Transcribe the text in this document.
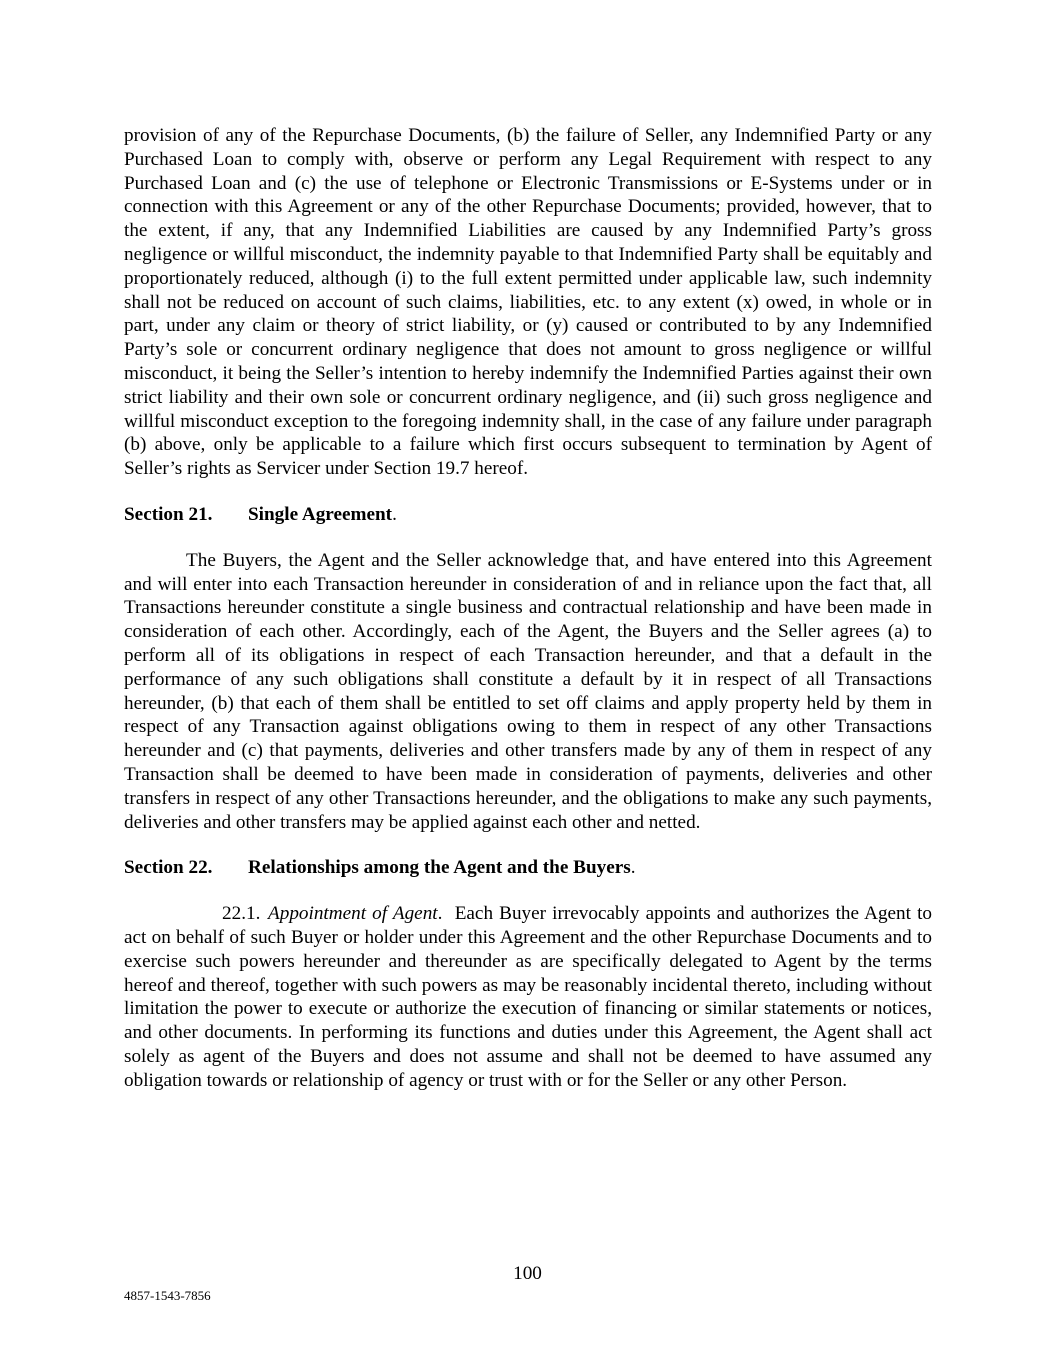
provision of any of the Repurchase Documents, (b) the failure of Seller, any Indemnified Party or any Purchased Loan to comply with, observe or perform any Legal Requirement with respect to any Purchased Loan and (c) the use of telephone or Electronic Transmissions or E-Systems under or in connection with this Agreement or any of the other Repurchase Documents; provided, however, that to the extent, if any, that any Indemnified Liabilities are caused by any Indemnified Party’s gross negligence or willful misconduct, the indemnity payable to that Indemnified Party shall be equitably and proportionately reduced, although (i) to the full extent permitted under applicable law, such indemnity shall not be reduced on account of such claims, liabilities, etc. to any extent (x) owed, in whole or in part, under any claim or theory of strict liability, or (y) caused or contributed to by any Indemnified Party’s sole or concurrent ordinary negligence that does not amount to gross negligence or willful misconduct, it being the Seller’s intention to hereby indemnify the Indemnified Parties against their own strict liability and their own sole or concurrent ordinary negligence, and (ii) such gross negligence and willful misconduct exception to the foregoing indemnity shall, in the case of any failure under paragraph (b) above, only be applicable to a failure which first occurs subsequent to termination by Agent of Seller’s rights as Servicer under Section 19.7 hereof.

Section 21. Single Agreement.

The Buyers, the Agent and the Seller acknowledge that, and have entered into this Agreement and will enter into each Transaction hereunder in consideration of and in reliance upon the fact that, all Transactions hereunder constitute a single business and contractual relationship and have been made in consideration of each other. Accordingly, each of the Agent, the Buyers and the Seller agrees (a) to perform all of its obligations in respect of each Transaction hereunder, and that a default in the performance of any such obligations shall constitute a default by it in respect of all Transactions hereunder, (b) that each of them shall be entitled to set off claims and apply property held by them in respect of any Transaction against obligations owing to them in respect of any other Transactions hereunder and (c) that payments, deliveries and other transfers made by any of them in respect of any Transaction shall be deemed to have been made in consideration of payments, deliveries and other transfers in respect of any other Transactions hereunder, and the obligations to make any such payments, deliveries and other transfers may be applied against each other and netted.

Section 22. Relationships among the Agent and the Buyers.

22.1. Appointment of Agent. Each Buyer irrevocably appoints and authorizes the Agent to act on behalf of such Buyer or holder under this Agreement and the other Repurchase Documents and to exercise such powers hereunder and thereunder as are specifically delegated to Agent by the terms hereof and thereof, together with such powers as may be reasonably incidental thereto, including without limitation the power to execute or authorize the execution of financing or similar statements or notices, and other documents. In performing its functions and duties under this Agreement, the Agent shall act solely as agent of the Buyers and does not assume and shall not be deemed to have assumed any obligation towards or relationship of agency or trust with or for the Seller or any other Person.

100
4857-1543-7856
